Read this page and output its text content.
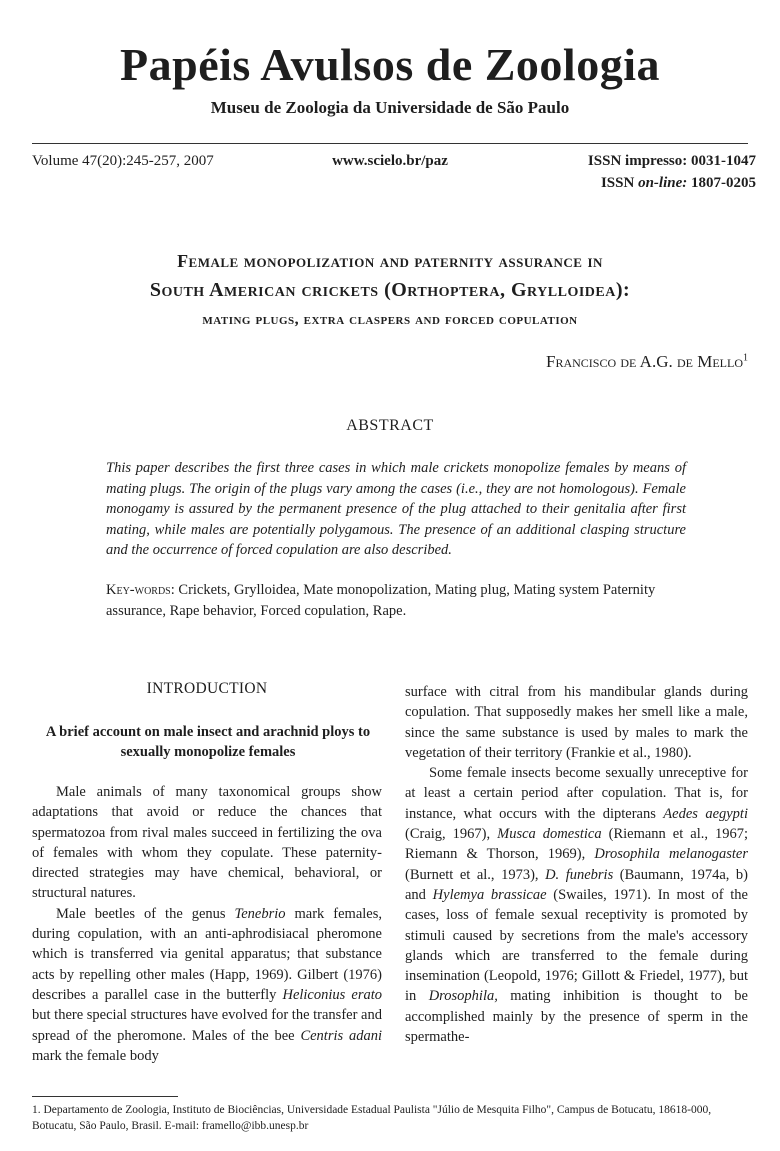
Papéis Avulsos de Zoologia
Museu de Zoologia da Universidade de São Paulo
Volume 47(20):245-257, 2007	www.scielo.br/paz	ISSN impresso: 0031-1047
ISSN on-line: 1807-0205
Female monopolization and paternity assurance in
South American crickets (Orthoptera, Grylloidea):
mating plugs, extra claspers and forced copulation
Francisco de A.G. de Mello$^1$
ABSTRACT
This paper describes the first three cases in which male crickets monopolize females by means of mating plugs. The origin of the plugs vary among the cases (i.e., they are not homologous). Female monogamy is assured by the permanent presence of the plug attached to their genitalia after first mating, while males are potentially polygamous. The presence of an additional clasping structure and the occurrence of forced copulation are also described.
Key-words: Crickets, Grylloidea, Mate monopolization, Mating plug, Mating system Paternity assurance, Rape behavior, Forced copulation, Rape.
INTRODUCTION
A brief account on male insect and arachnid ploys to sexually monopolize females

Male animals of many taxonomical groups show adaptations that avoid or reduce the chances that spermatozoa from rival males succeed in fertilizing the ova of females with whom they copulate. These paternity-directed strategies may have chemical, behavioral, or structural natures.

Male beetles of the genus Tenebrio mark females, during copulation, with an anti-aphrodisiacal pheromone which is transferred via genital apparatus; that substance acts by repelling other males (Happ, 1969). Gilbert (1976) describes a parallel case in the butterfly Heliconius erato but there special structures have evolved for the transfer and spread of the pheromone. Males of the bee Centris adani mark the female body

surface with citral from his mandibular glands during copulation. That supposedly makes her smell like a male, since the same substance is used by males to mark the vegetation of their territory (Frankie et al., 1980).

Some female insects become sexually unreceptive for at least a certain period after copulation. That is, for instance, what occurs with the dipterans Aedes aegypti (Craig, 1967), Musca domestica (Riemann et al., 1967; Riemann & Thorson, 1969), Drosophila melanogaster (Burnett et al., 1973), D. funebris (Baumann, 1974a, b) and Hylemya brassicae (Swailes, 1971). In most of the cases, loss of female sexual receptivity is promoted by stimuli caused by secretions from the male's accessory glands which are transferred to the female during insemination (Leopold, 1976; Gillott & Friedel, 1977), but in Drosophila, mating inhibition is thought to be accomplished mainly by the presence of sperm in the spermathe-

1. Departamento de Zoologia, Instituto de Biociências, Universidade Estadual Paulista "Júlio de Mesquita Filho", Campus de Botucatu, 18618-000, Botucatu, São Paulo, Brasil. E-mail: framello@ibb.unesp.br
